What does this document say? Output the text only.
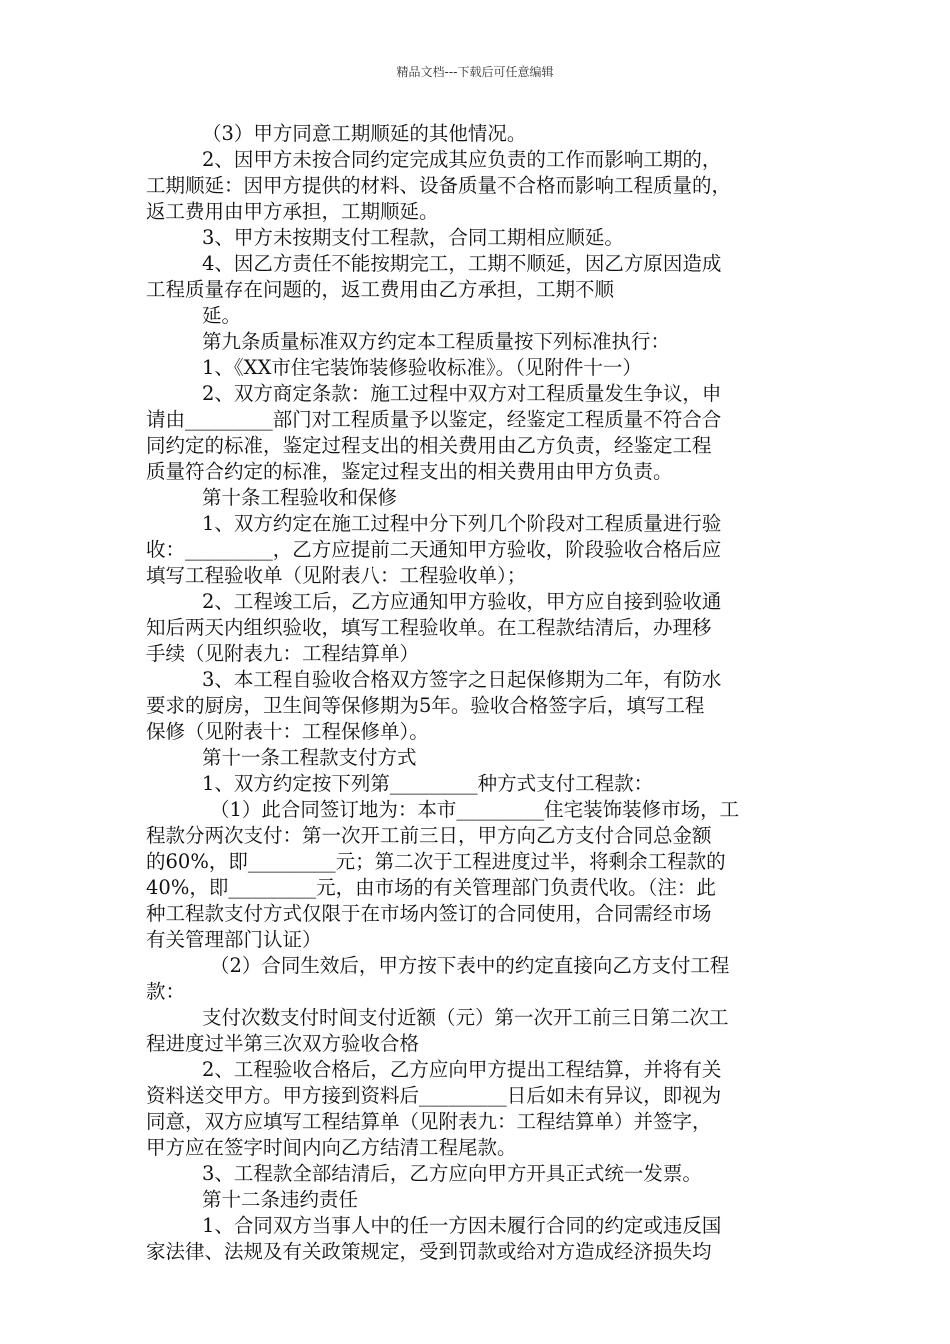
精品文档---下载后可任意编辑

（3）甲方同意工期顺延的其他情况。

2、因甲方未按合同约定完成其应负责的工作而影响工期的，

工期顺延：因甲方提供的材料、设备质量不合格而影响工程质量的，

返工费用由甲方承担，工期顺延。

3、甲方未按期支付工程款，合同工期相应顺延。

4、因乙方责任不能按期完工，工期不顺延，因乙方原因造成

工程质量存在问题的，返工费用由乙方承担，工期不顺

延。

第九条质量标准双方约定本工程质量按下列标准执行：

1、《XX市住宅装饰装修验收标准》。（见附件十一）

2、双方商定条款：施工过程中双方对工程质量发生争议，申

请由_________部门对工程质量予以鉴定，经鉴定工程质量不符合合

同约定的标准，鉴定过程支出的相关费用由乙方负责，经鉴定工程

质量符合约定的标准，鉴定过程支出的相关费用由甲方负责。

第十条工程验收和保修

1、双方约定在施工过程中分下列几个阶段对工程质量进行验

收：_________，乙方应提前二天通知甲方验收，阶段验收合格后应

填写工程验收单（见附表八：工程验收单）；

2、工程竣工后，乙方应通知甲方验收，甲方应自接到验收通

知后两天内组织验收，填写工程验收单。在工程款结清后，办理移

手续（见附表九：工程结算单）

3、本工程自验收合格双方签字之日起保修期为二年，有防水

要求的厨房，卫生间等保修期为5年。验收合格签字后，填写工程

保修（见附表十：工程保修单）。

第十一条工程款支付方式

1、双方约定按下列第_________种方式支付工程款：

（1）此合同签订地为：本市_________住宅装饰装修市场，工

程款分两次支付：第一次开工前三日，甲方向乙方支付合同总金额

的60%，即_________元；第二次于工程进度过半，将剩余工程款的

40%，即_________元，由市场的有关管理部门负责代收。（注：此

种工程款支付方式仅限于在市场内签订的合同使用，合同需经市场

有关管理部门认证）

（2）合同生效后，甲方按下表中的约定直接向乙方支付工程

款：

支付次数支付时间支付近额（元）第一次开工前三日第二次工

程进度过半第三次双方验收合格

2、工程验收合格后，乙方应向甲方提出工程结算，并将有关

资料送交甲方。甲方接到资料后_________日后如未有异议，即视为

同意，双方应填写工程结算单（见附表九：工程结算单）并签字，

甲方应在签字时间内向乙方结清工程尾款。

3、工程款全部结清后，乙方应向甲方开具正式统一发票。

第十二条违约责任

1、合同双方当事人中的任一方因未履行合同的约定或违反国

家法律、法规及有关政策规定，受到罚款或给对方造成经济损失均
